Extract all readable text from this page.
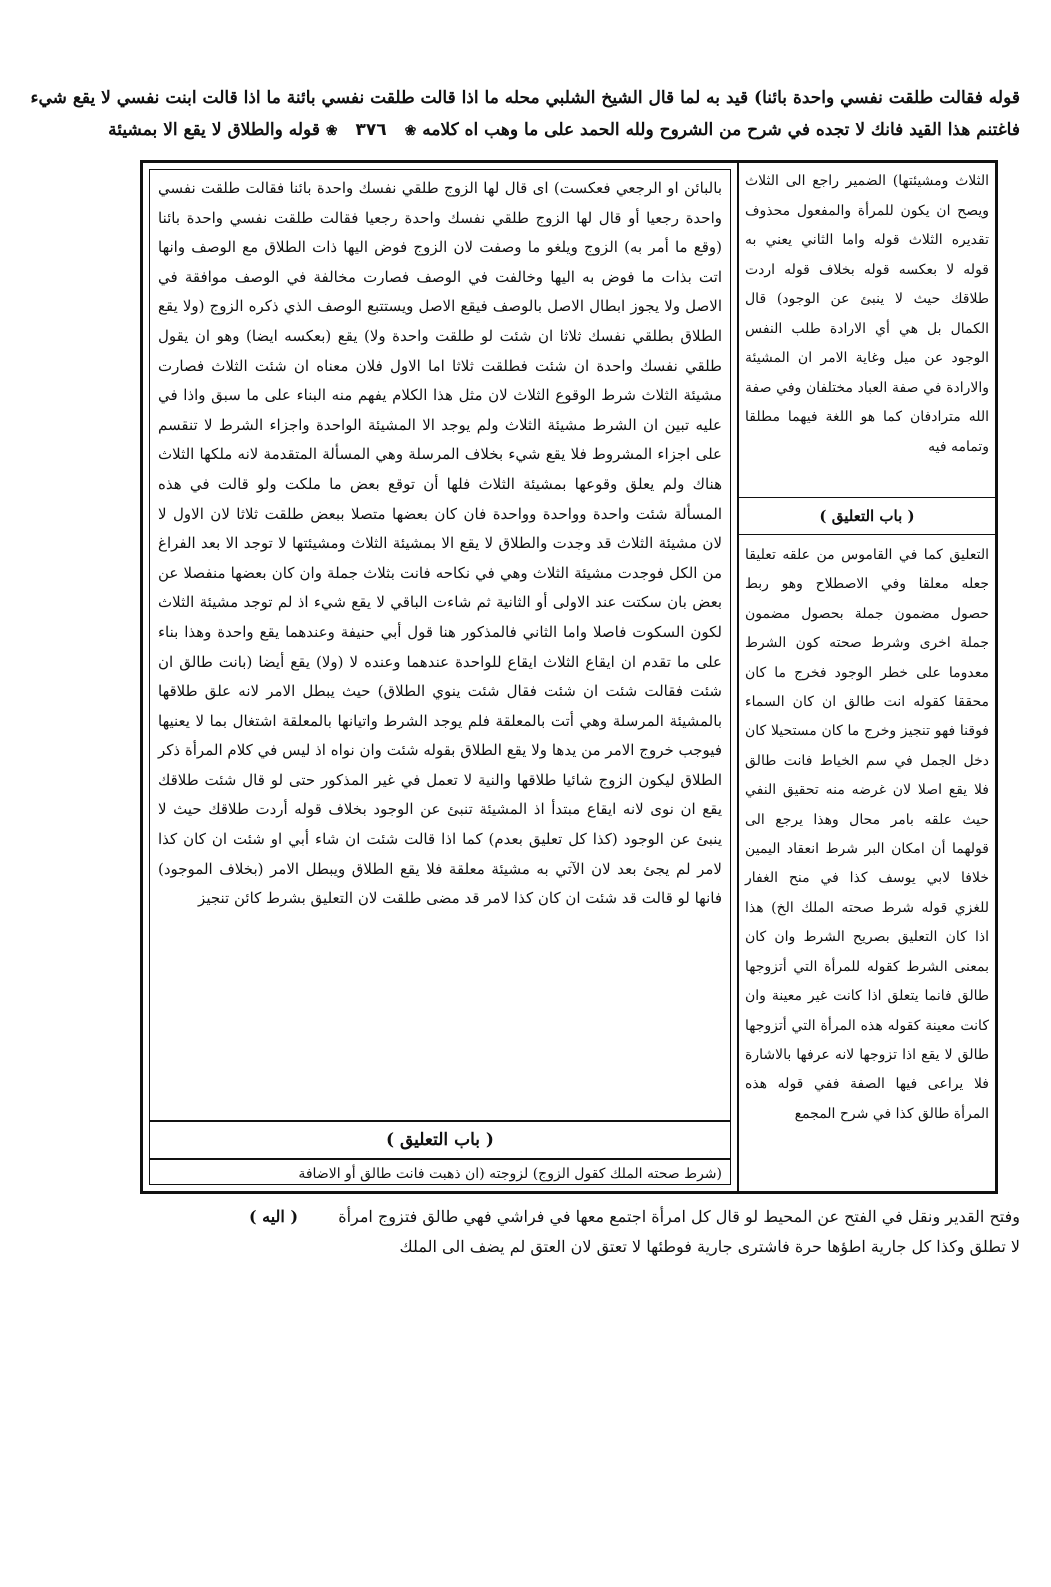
قوله فقالت طلقت نفسي واحدة بائنا) قيد به لما قال الشيخ الشلبي محله ما اذا قالت طلقت نفسي بائنة ما اذا قالت ابنت نفسي لا يقع شيء
فاغتنم هذا القيد فانك لا تجده في شرح من الشروح ولله الحمد على ما وهب اه كلامه ❀ ٣٧٦ ❀ قوله والطلاق لا يقع الا بمشيئة

بالبائن او الرجعي فعكست) اى قال لها الزوج طلقي نفسك واحدة بائنا فقالت طلقت نفسي واحدة رجعيا أو قال لها الزوج طلقي نفسك واحدة رجعيا فقالت طلقت نفسي واحدة بائنا (وقع ما أمر به) الزوج ويلغو ما وصفت لان الزوج فوض اليها ذات الطلاق مع الوصف وانها اتت بذات ما فوض به اليها وخالفت في الوصف فصارت مخالفة في الوصف موافقة في الاصل ولا يجوز ابطال الاصل بالوصف فيقع الاصل ويستتبع الوصف الذي ذكره الزوج (ولا يقع الطلاق بطلقي نفسك ثلاثا ان شئت لو طلقت واحدة ولا) يقع (بعكسه ايضا) وهو ان يقول طلقي نفسك واحدة ان شئت فطلقت ثلاثا اما الاول فلان معناه ان شئت الثلاث فصارت مشيئة الثلاث شرط الوقوع الثلاث لان مثل هذا الكلام يفهم منه البناء على ما سبق واذا في عليه تبين ان الشرط مشيئة الثلاث ولم يوجد الا المشيئة الواحدة واجزاء الشرط لا تنقسم على اجزاء المشروط فلا يقع شيء بخلاف المرسلة وهي المسألة المتقدمة لانه ملكها الثلاث هناك ولم يعلق وقوعها بمشيئة الثلاث فلها أن توقع بعض ما ملكت ولو قالت في هذه المسألة شئت واحدة وواحدة وواحدة فان كان بعضها متصلا ببعض طلقت ثلاثا لان الاول لا لان مشيئة الثلاث قد وجدت والطلاق لا يقع الا بمشيئة الثلاث ومشيئتها لا توجد الا بعد الفراغ من الكل فوجدت مشيئة الثلاث وهي في نكاحه فانت بثلاث جملة وان كان بعضها منفصلا عن بعض بان سكتت عند الاولى أو الثانية ثم شاءت الباقي لا يقع شيء اذ لم توجد مشيئة الثلاث لكون السكوت فاصلا واما الثاني فالمذكور هنا قول أبي حنيفة وعندهما يقع واحدة وهذا بناء على ما تقدم ان ايقاع الثلاث ايقاع للواحدة عندهما وعنده لا (ولا) يقع أيضا (بانت طالق ان شئت فقالت شئت ان شئت فقال شئت ينوي الطلاق) حيث يبطل الامر لانه علق طلاقها بالمشيئة المرسلة وهي أتت بالمعلقة فلم يوجد الشرط واتيانها بالمعلقة اشتغال بما لا يعنيها فيوجب خروج الامر من يدها ولا يقع الطلاق بقوله شئت وان نواه اذ ليس في كلام المرأة ذكر الطلاق ليكون الزوج شائيا طلاقها والنية لا تعمل في غير المذكور حتى لو قال شئت طلاقك يقع ان نوى لانه ايقاع مبتدأ اذ المشيئة تنبئ عن الوجود بخلاف قوله أردت طلاقك حيث لا ينبئ عن الوجود (كذا كل تعليق بعدم) كما اذا قالت شئت ان شاء أبي او شئت ان كان كذا لامر لم يجئ بعد لان الآتي به مشيئة معلقة فلا يقع الطلاق ويبطل الامر (بخلاف الموجود) فانها لو قالت قد شئت ان كان كذا لامر قد مضى طلقت لان التعليق بشرط كائن تنجيز

( باب التعليق )
(شرط صحته الملك كقول الزوج) لزوجته (ان ذهبت فانت طالق أو الاضافة

الثلاث ومشيئتها) الضمير راجع الى الثلاث ويصح ان يكون للمرأة والمفعول محذوف تقديره الثلاث قوله واما الثاني يعني به قوله لا بعكسه قوله بخلاف قوله اردت طلاقك حيث لا ينبئ عن الوجود) قال الكمال بل هي أي الارادة طلب النفس الوجود عن ميل وغاية الامر ان المشيئة والارادة في صفة العباد مختلفان وفي صفة الله مترادفان كما هو اللغة فيهما مطلقا وتمامه فيه

( باب التعليق )

التعليق كما في القاموس من علقه تعليقا جعله معلقا وفي الاصطلاح وهو ربط حصول مضمون جملة بحصول مضمون جملة اخرى وشرط صحته كون الشرط معدوما على خطر الوجود فخرج ما كان محققا كقوله انت طالق ان كان السماء فوقنا فهو تنجيز وخرج ما كان مستحيلا كان دخل الجمل في سم الخياط فانت طالق فلا يقع اصلا لان غرضه منه تحقيق النفي حيث علقه بامر محال وهذا يرجع الى قولهما أن امكان البر شرط انعقاد اليمين خلافا لابي يوسف كذا في منح الغفار للغزي قوله شرط صحته الملك الخ) هذا اذا كان التعليق بصريح الشرط وان كان بمعنى الشرط كقوله للمرأة التي أتزوجها طالق فانما يتعلق اذا كانت غير معينة وان كانت معينة كقوله هذه المرأة التي أتزوجها طالق لا يقع اذا تزوجها لانه عرفها بالاشارة فلا يراعى فيها الصفة ففي قوله هذه المرأة طالق كذا في شرح المجمع

وفتح القدير ونقل في الفتح عن المحيط لو قال كل امرأة اجتمع معها في فراشي فهي طالق فتزوج امرأة  ( اليه )
لا تطلق وكذا كل جارية اطؤها حرة فاشترى جارية فوطئها لا تعتق لان العتق لم يضف الى الملك
